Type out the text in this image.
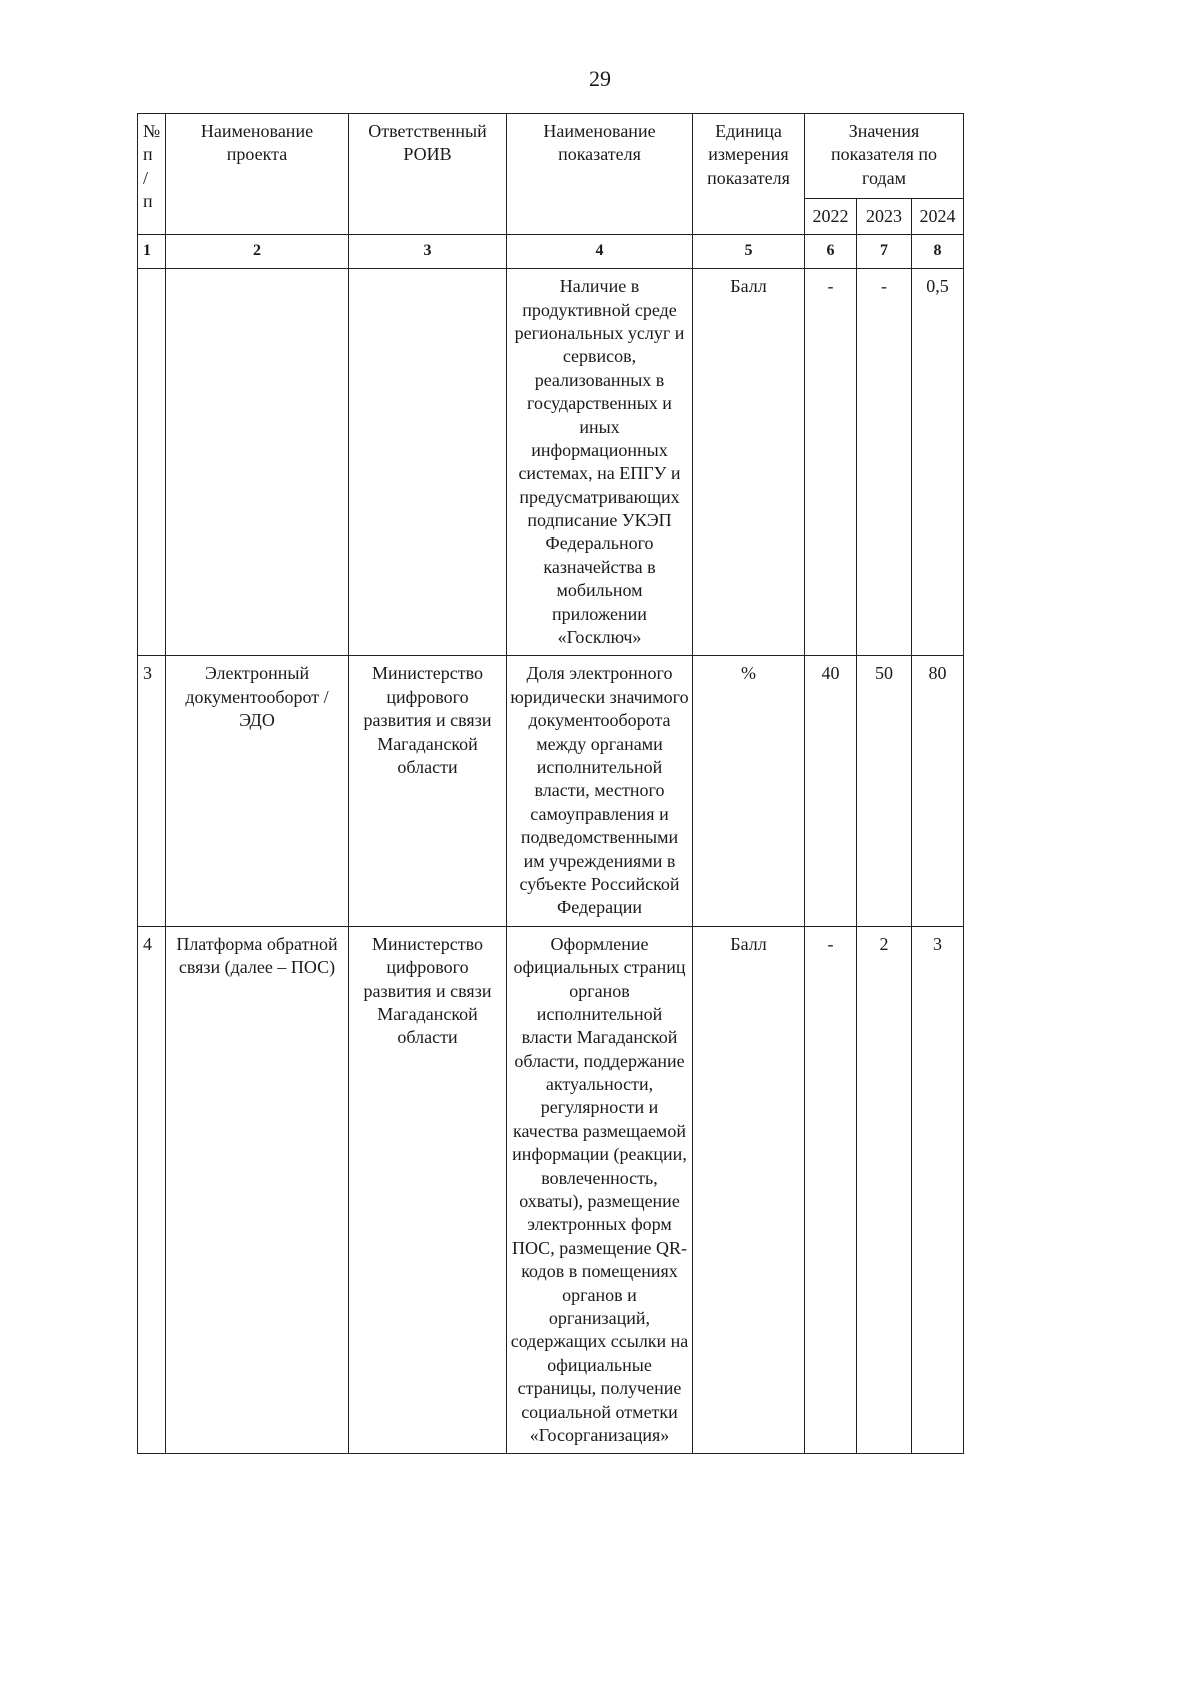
29
№ п / п	Наименование проекта	Ответственный РОИВ	Наименование показателя	Единица измерения показателя	Значения показателя по годам		
					2022	2023	2024
1	2	3	4	5	6	7	8
			Наличие в продуктивной среде региональных услуг и сервисов, реализованных в государственных и иных информационных системах, на ЕПГУ и предусматривающих подписание УКЭП Федерального казначейства в мобильном приложении «Госключ»	Балл	-	-	0,5
3	Электронный документооборот /ЭДО	Министерство цифрового развития и связи Магаданской области	Доля электронного юридически значимого документооборота между органами исполнительной власти, местного самоуправления и подведомственными им учреждениями в субъекте Российской Федерации	%	40	50	80
4	Платформа обратной связи (далее – ПОС)	Министерство цифрового развития и связи Магаданской области	Оформление официальных страниц органов исполнительной власти Магаданской области, поддержание актуальности, регулярности и качества размещаемой информации (реакции, вовлеченность, охваты), размещение электронных форм ПОС, размещение QR- кодов в помещениях органов и организаций, содержащих ссылки на официальные страницы, получение социальной отметки «Госорганизация»	Балл	-	2	3
